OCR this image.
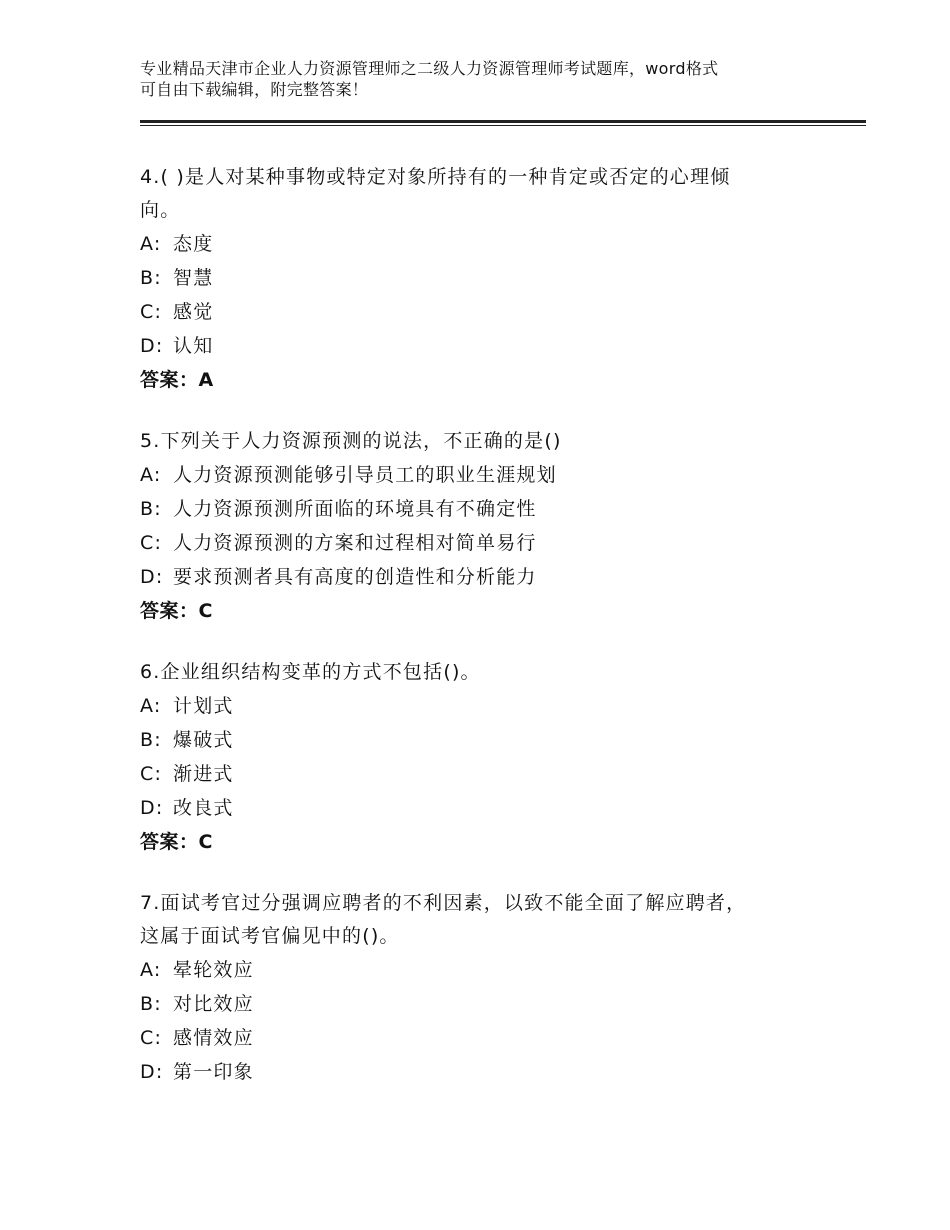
专业精品天津市企业人力资源管理师之二级人力资源管理师考试题库，word格式
可自由下载编辑，附完整答案！
4.( )是人对某种事物或特定对象所持有的一种肯定或否定的心理倾
向。
A: 态度
B: 智慧
C: 感觉
D: 认知
答案：A
5.下列关于人力资源预测的说法，不正确的是()
A: 人力资源预测能够引导员工的职业生涯规划
B: 人力资源预测所面临的环境具有不确定性
C: 人力资源预测的方案和过程相对简单易行
D: 要求预测者具有高度的创造性和分析能力
答案：C
6.企业组织结构变革的方式不包括()。
A: 计划式
B: 爆破式
C: 渐进式
D: 改良式
答案：C
7.面试考官过分强调应聘者的不利因素，以致不能全面了解应聘者，
这属于面试考官偏见中的()。
A: 晕轮效应
B: 对比效应
C: 感情效应
D: 第一印象
